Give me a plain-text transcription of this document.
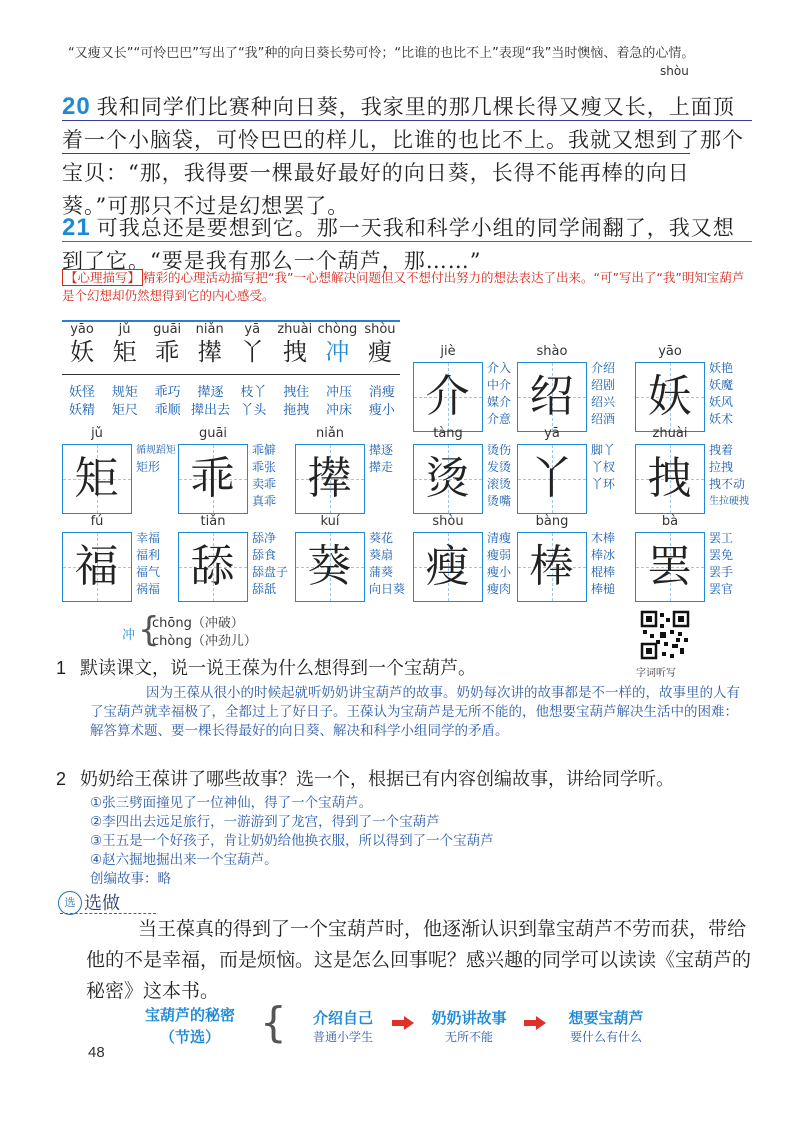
“又瘦又长”“可怜巴巴”写出了“我”种的向日葵长势可怜；“比谁的也比不上”表现“我”当时懊恼、着急的心情。
shòu
20 我和同学们比赛种向日葵，我家里的那几棵长得又瘦又长，上面顶着一个小脑袋，可怜巴巴的样儿，比谁的也比不上。我就又想到了那个宝贝：“那，我得要一棵最好最好的向日葵，长得不能再棒的向日葵。”可那只不过是幻想罢了。
21 可我总还是要想到它。那一天我和科学小组的同学闹翻了，我又想到了它。“要是我有那么一个葫芦，那……”
【心理描写】 精彩的心理活动描写把“我”一心想解决问题但又不想付出努力的想法表达了出来。“可”写出了“我”明知宝葫芦是个幻想却仍然想得到它的内心感受。
yāo
妖
jǔ
矩
guāi
乖
niǎn
撵
yā
丫
zhuài
拽
chòng
冲
shòu
瘦
妖怪
妖精
规矩
矩尺
乖巧
乖顺
撵逐
撵出去
枝丫
丫头
拽住
拖拽
冲压
冲床
消瘦
瘦小
jiè
介
介入
中介
媒介
介意
shào
绍
介绍
绍剧
绍兴
绍酒
yāo
妖
妖艳
妖魔
妖风
妖术
jǔ
矩
循规蹈矩
矩形
guāi
乖
乖僻
乖张
卖乖
真乖
niǎn
撵
撵逐
撵走
tàng
烫
烫伤
发烫
滚烫
烫嘴
yā
丫
脚丫
丫杈
丫环
zhuài
拽
拽着
拉拽
拽不动
生拉硬拽
fú
福
幸福
福利
福气
祸福
tiǎn
舔
舔净
舔食
舔盘子
舔舐
kuí
葵
葵花
葵扇
蒲葵
向日葵
shòu
瘦
清瘦
瘦弱
瘦小
瘦肉
bàng
棒
木棒
棒冰
棍棒
棒槌
bà
罢
罢工
罢免
罢手
罢官
冲 {
chōng（冲破）
chòng（冲劲儿）
字词听写
1 默读课文，说一说王葆为什么想得到一个宝葫芦。
因为王葆从很小的时候起就听奶奶讲宝葫芦的故事。奶奶每次讲的故事都是不一样的，故事里的人有了宝葫芦就幸福极了，全都过上了好日子。王葆认为宝葫芦是无所不能的，他想要宝葫芦解决生活中的困难：解答算术题、要一棵长得最好的向日葵、解决和科学小组同学的矛盾。
2 奶奶给王葆讲了哪些故事？选一个，根据已有内容创编故事，讲给同学听。
①张三劈面撞见了一位神仙，得了一个宝葫芦。
②李四出去远足旅行，一游游到了龙宫，得到了一个宝葫芦
③王五是一个好孩子，肯让奶奶给他换衣服，所以得到了一个宝葫芦
④赵六掘地掘出来一个宝葫芦。
创编故事：略
选 选做
当王葆真的得到了一个宝葫芦时，他逐渐认识到靠宝葫芦不劳而获，带给他的不是幸福，而是烦恼。这是怎么回事呢？感兴趣的同学可以读读《宝葫芦的秘密》这本书。
宝葫芦的秘密
（节选） {	介绍自己
普通小学生
奶奶讲故事
无所不能
想要宝葫芦
要什么有什么
48
